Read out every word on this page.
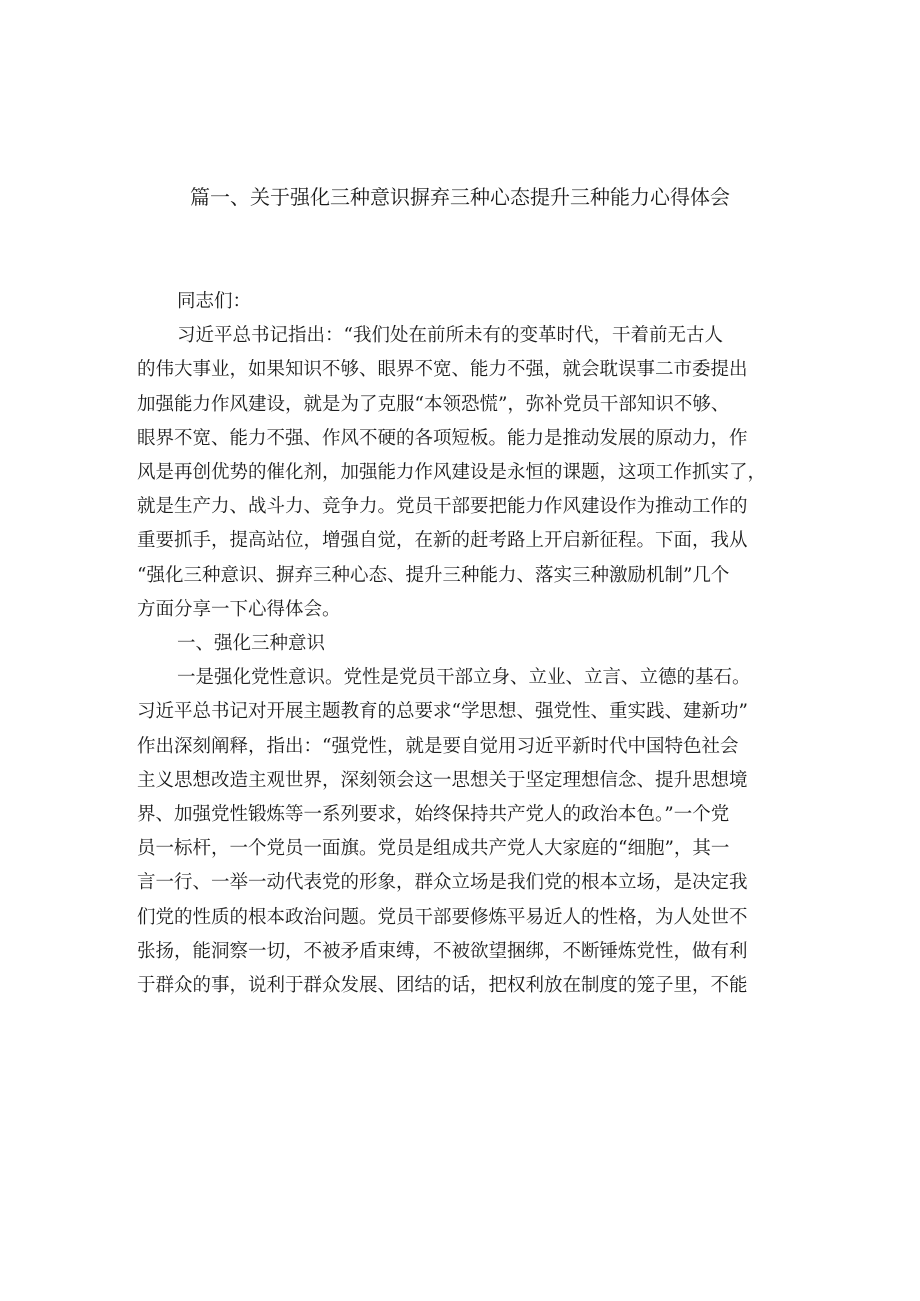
篇一、关于强化三种意识摒弃三种心态提升三种能力心得体会

同志们：

习近平总书记指出：“我们处在前所未有的变革时代，干着前无古人
的伟大事业，如果知识不够、眼界不宽、能力不强，就会耽误事二市委提出
加强能力作风建设，就是为了克服“本领恐慌”，弥补党员干部知识不够、
眼界不宽、能力不强、作风不硬的各项短板。能力是推动发展的原动力，作
风是再创优势的催化剂，加强能力作风建设是永恒的课题，这项工作抓实了，
就是生产力、战斗力、竞争力。党员干部要把能力作风建设作为推动工作的
重要抓手，提高站位，增强自觉，在新的赶考路上开启新征程。下面，我从
“强化三种意识、摒弃三种心态、提升三种能力、落实三种激励机制”几个
方面分享一下心得体会。

一、强化三种意识

一是强化党性意识。党性是党员干部立身、立业、立言、立德的基石。
习近平总书记对开展主题教育的总要求“学思想、强党性、重实践、建新功”
作出深刻阐释，指出：“强党性，就是要自觉用习近平新时代中国特色社会
主义思想改造主观世界，深刻领会这一思想关于坚定理想信念、提升思想境
界、加强党性锻炼等一系列要求，始终保持共产党人的政治本色。”一个党
员一标杆，一个党员一面旗。党员是组成共产党人大家庭的“细胞”，其一
言一行、一举一动代表党的形象，群众立场是我们党的根本立场，是决定我
们党的性质的根本政治问题。党员干部要修炼平易近人的性格，为人处世不
张扬，能洞察一切，不被矛盾束缚，不被欲望捆绑，不断锤炼党性，做有利
于群众的事，说利于群众发展、团结的话，把权利放在制度的笼子里，不能
